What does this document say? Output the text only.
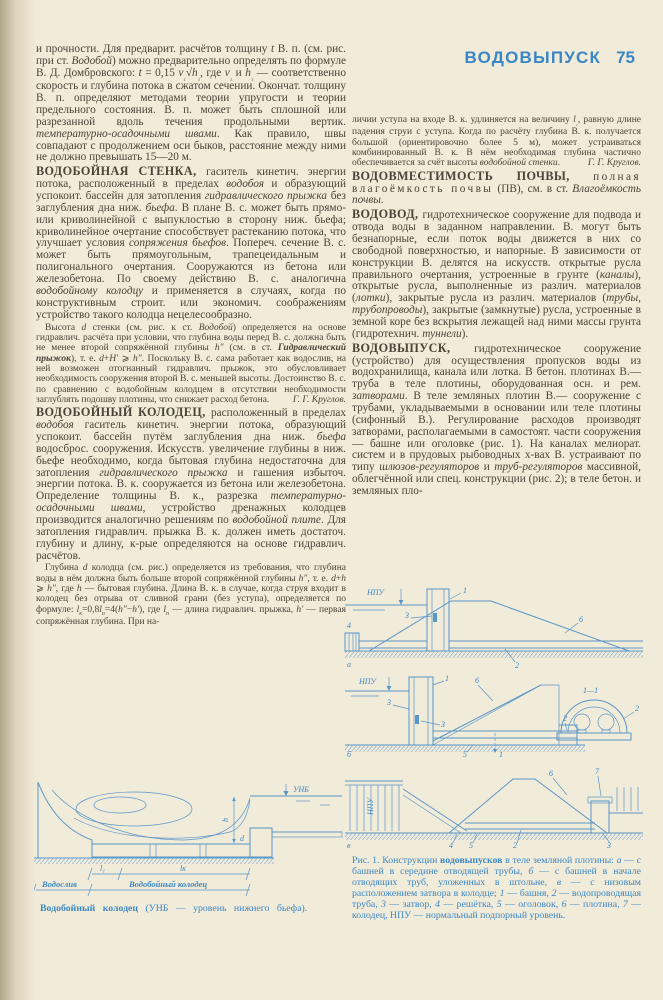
ВОДОВЫПУСК 75

и прочности. Для предварит. расчётов толщину t В. п. (см. рис. при ст. Водобой) можно предварительно определять по формуле В. Д. Домбровского: t = 0,15 $v_{_1}√h_{_1}$, где $v_{_1}$ и $h_{_1}$ — соответственно скорость и глубина потока в сжатом сечении. Окончат. толщину В. п. определяют методами теории упругости и теории предельного состояния. В. п. может быть сплошной или разрезанной вдоль течения продольными вертик. температурно-осадочными швами. Как правило, швы совпадают с продолжением оси быков, расстояние между ними не должно превышать 15—20 м.

ВОДОБОЙНАЯ СТЕНКА, гаситель кинетич. энергии потока, расположенный в пределах водобоя и образующий успокоит. бассейн для затопления гидравлического прыжка без заглубления дна ниж. бьефа. В плане В. с. может быть прямо- или криволинейной с выпуклостью в сторону ниж. бьефа; криволинейное очертание способствует растеканию потока, что улучшает условия сопряжения бьефов. Попереч. сечение В. с. может быть прямоугольным, трапецеидальным и полигонального очертания. Сооружаются из бетона или железобетона. По своему действию В. с. аналогична водобойному колодцу и применяется в случаях, когда по конструктивным строит. или экономич. соображениям устройство такого колодца нецелесообразно.

Высота d стенки (см. рис. к ст. Водобой) определяется на основе гидравлич. расчёта при условии, что глубина воды перед В. с. должна быть не менее второй сопряжённой глубины h″ (см. в ст. Гидравлический прыжок), т. е. d+H′ ⩾ h″. Поскольку В. с. сама работает как водослив, на ней возможен отогнанный гидравлич. прыжок, это обусловливает необходимость сооружения второй В. с. меньшей высоты. Достоинство В. с. по сравнению с водобойным колодцем в отсутствии необходимости заглублять подошву плотины, что снижает расход бетона.	Г. Г. Круглов.

ВОДОБОЙНЫЙ КОЛОДЕЦ, расположенный в пределах водобоя гаситель кинетич. энергии потока, образующий успокоит. бассейн путём заглубления дна ниж. бьефа водосброс. сооружения. Искусств. увеличение глубины в ниж. бьефе необходимо, когда бытовая глубина недостаточна для затопления гидравлического прыжка и гашения избыточ. энергии потока. В. к. сооружается из бетона или железобетона. Определение толщины В. к., разрезка температурно-осадочными швами, устройство дренажных колодцев производится аналогично решениям по водобойной плите. Для затопления гидравлич. прыжка В. к. должен иметь достаточ. глубину и длину, к-рые определяются на основе гидравлич. расчётов.

Глубина d колодца (см. рис.) определяется из требования, что глубина воды в нём должна быть больше второй сопряжённой глубины h″, т. е. d+h ⩾ h″, где h — бытовая глубина. Длина В. к. в случае, когда струя входит в колодец без отрыва от сливной грани (без уступа), определяется по формуле: $l_к=0,8l_п=4(h''-h')$, где $l_п$ — длина гидравлич. прыжка, h′ — первая сопряжённая глубина. При на-

УНБ
h
d
l₁	lк
Водослив	Водобойный колодец

Водобойный колодец (УНБ — уровень нижнего бьефа).

личии уступа на входе В. к. удлиняется на величину $l_{_1}$, равную длине падения струи с уступа. Когда по расчёту глубина В. к. получается большой (ориентировочно более 5 м), может устраиваться комбинированный В. к. В нём необходимая глубина частично обеспечивается за счёт высоты водобойной стенки.	Г. Г. Круглов.

ВОДОВМЕСТИМОСТЬ ПОЧВЫ, полная влагоёмкость почвы (ПВ), см. в ст. Влагоёмкость почвы.

ВОДОВОД, гидротехническое сооружение для подвода и отвода воды в заданном направлении. В. могут быть безнапорные, если поток воды движется в них со свободной поверхностью, и напорные. В зависимости от конструкции В. делятся на искусств. открытые русла правильного очертания, устроенные в грунте (каналы), открытые русла, выполненные из различ. материалов (лотки), закрытые русла из различ. материалов (трубы, трубопроводы), закрытые (замкнутые) русла, устроенные в земной коре без вскрытия лежащей над ними массы грунта (гидротехнич. туннели).

ВОДОВЫПУСК, гидротехническое сооружение (устройство) для осуществления пропусков воды из водохранилища, канала или лотка. В бетон. плотинах В.— труба в теле плотины, оборудованная осн. и рем. затворами. В теле земляных плотин В.— сооружение с трубами, укладываемыми в основании или теле плотины (сифонный В.). Регулирование расходов производят затворами, располагаемыми в самостоят. части сооружения — башне или оголовке (рис. 1). На каналах мелиорат. систем и в прудовых рыбоводных х-вах В. устраивают по типу шлюзов-регуляторов и труб-регуляторов массивной, облегчённой или спец. конструкции (рис. 2); в теле бетон. и земляных пло-

НПУ
4
1
3	6
2
а
НПУ	1
3
6
3
2
5	1
б
1—1
2
НПУ
6	7
в	4 5	2	3

Рис. 1. Конструкции водовыпусков в теле земляной плотины: а — с башней в середине отводящей трубы, б — с башней в начале отводящих труб, уложенных в штольне, в — с низовым расположением затвора в колодце; 1 — башня, 2 — водопроводящая труба, 3 — затвор, 4 — решётка, 5 — оголовок, 6 — плотина, 7 — колодец, НПУ — нормальный подпорный уровень.
